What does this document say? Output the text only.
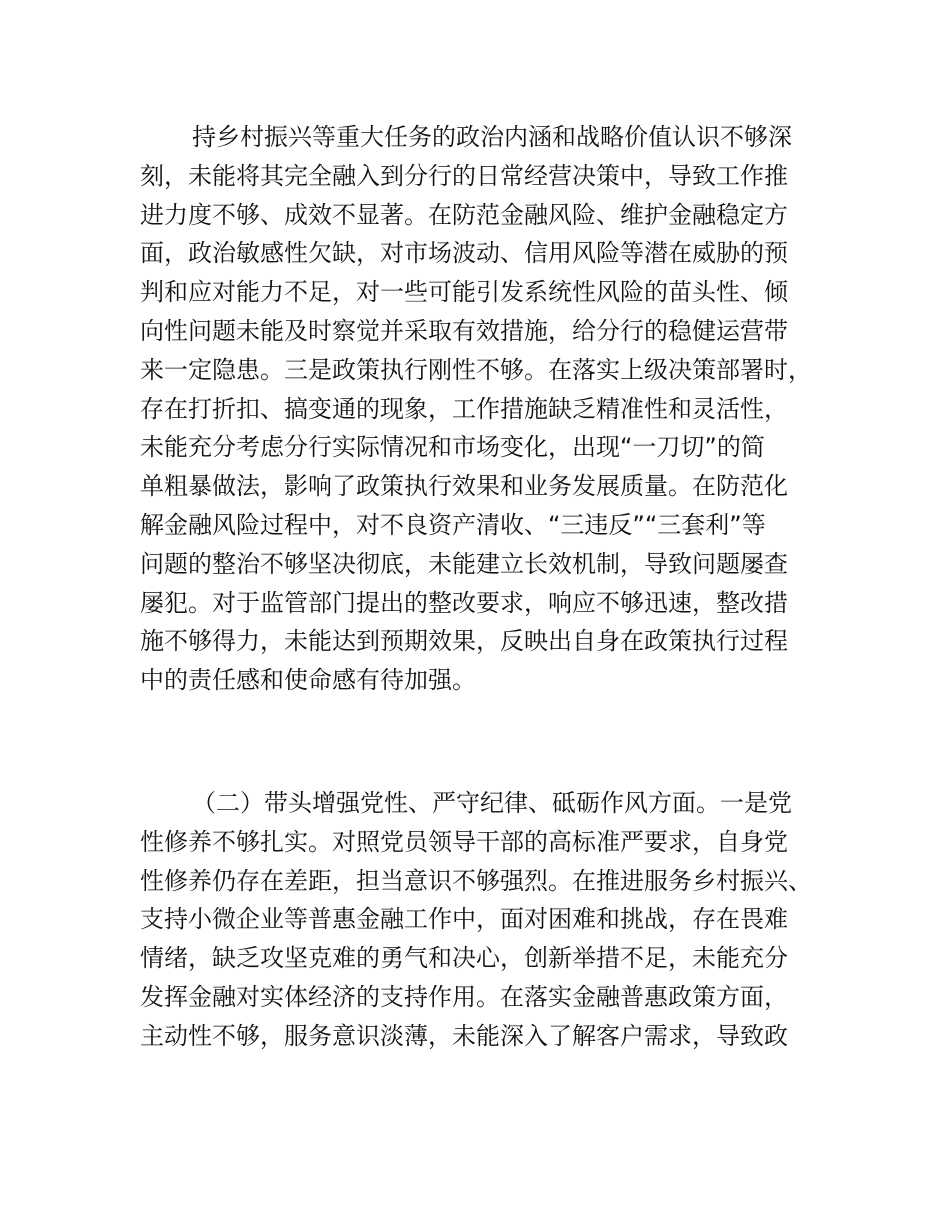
持乡村振兴等重大任务的政治内涵和战略价值认识不够深
刻，未能将其完全融入到分行的日常经营决策中，导致工作推
进力度不够、成效不显著。在防范金融风险、维护金融稳定方
面，政治敏感性欠缺，对市场波动、信用风险等潜在威胁的预
判和应对能力不足，对一些可能引发系统性风险的苗头性、倾
向性问题未能及时察觉并采取有效措施，给分行的稳健运营带
来一定隐患。三是政策执行刚性不够。在落实上级决策部署时，
存在打折扣、搞变通的现象，工作措施缺乏精准性和灵活性，
未能充分考虑分行实际情况和市场变化，出现“一刀切”的简
单粗暴做法，影响了政策执行效果和业务发展质量。在防范化
解金融风险过程中，对不良资产清收、“三违反”“三套利”等
问题的整治不够坚决彻底，未能建立长效机制，导致问题屡查
屡犯。对于监管部门提出的整改要求，响应不够迅速，整改措
施不够得力，未能达到预期效果，反映出自身在政策执行过程
中的责任感和使命感有待加强。
（二）带头增强党性、严守纪律、砥砺作风方面。一是党
性修养不够扎实。对照党员领导干部的高标准严要求，自身党
性修养仍存在差距，担当意识不够强烈。在推进服务乡村振兴、
支持小微企业等普惠金融工作中，面对困难和挑战，存在畏难
情绪，缺乏攻坚克难的勇气和决心，创新举措不足，未能充分
发挥金融对实体经济的支持作用。在落实金融普惠政策方面，
主动性不够，服务意识淡薄，未能深入了解客户需求，导致政
